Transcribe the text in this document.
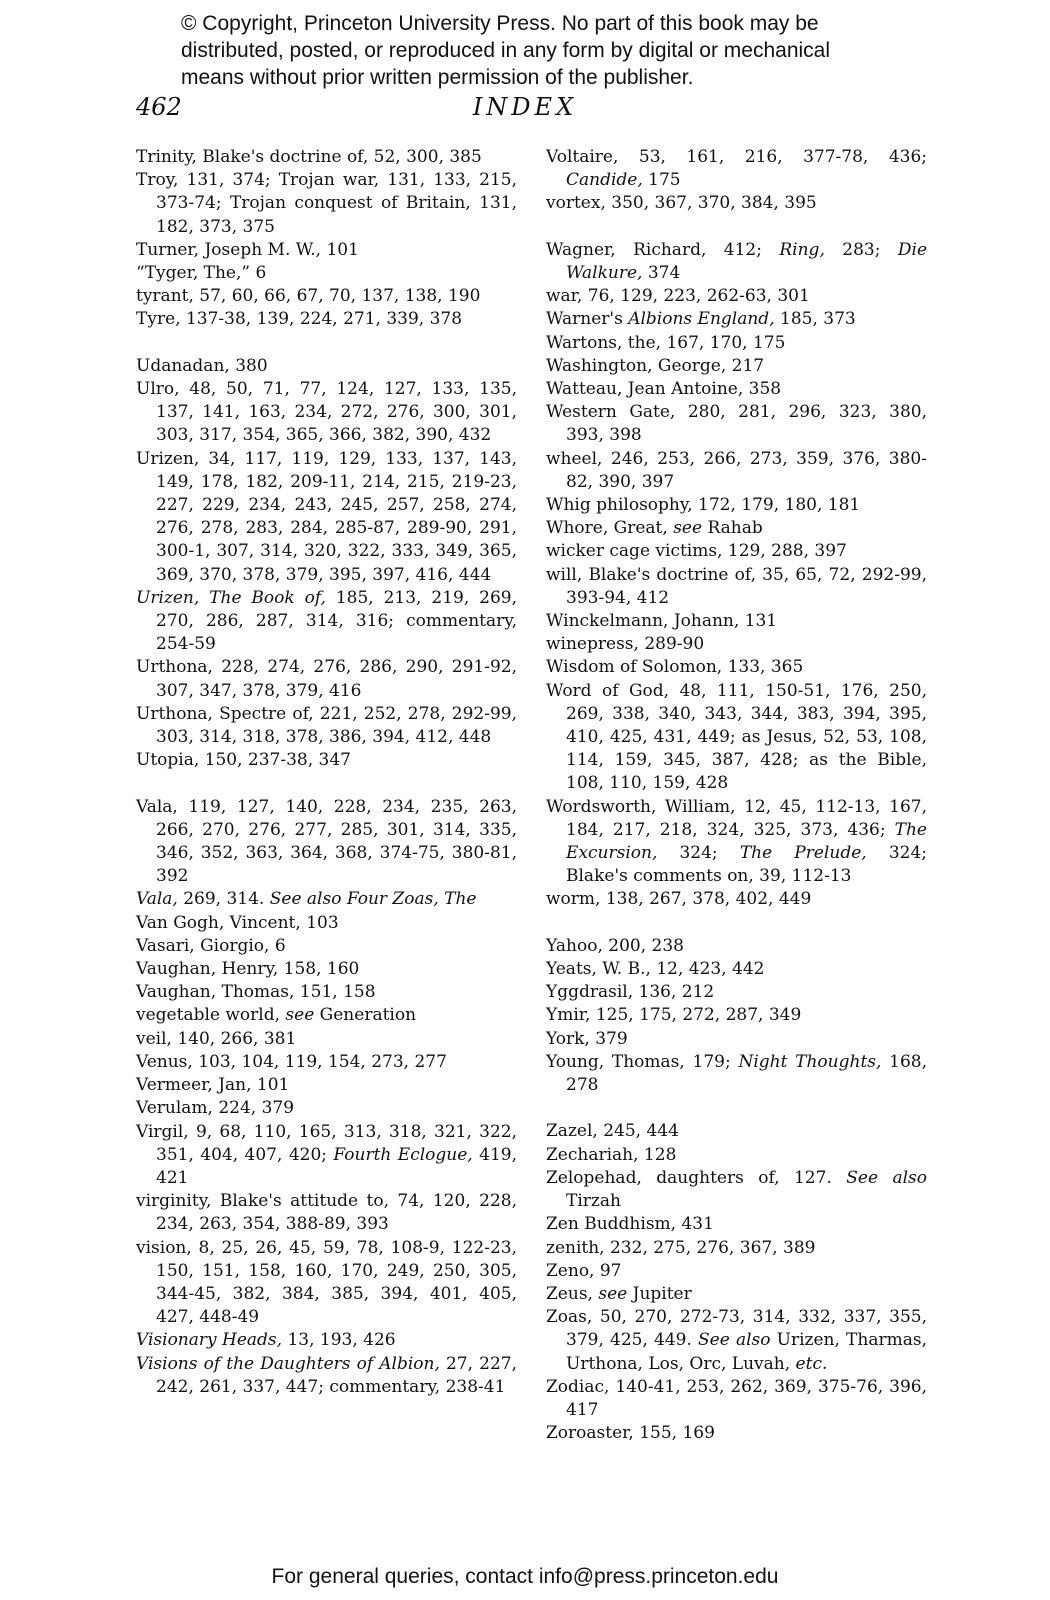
© Copyright, Princeton University Press. No part of this book may be
distributed, posted, or reproduced in any form by digital or mechanical
means without prior written permission of the publisher.
462	INDEX
Trinity, Blake's doctrine of, 52, 300, 385
Troy, 131, 374; Trojan war, 131, 133, 215, 373-74; Trojan conquest of Britain, 131, 182, 373, 375
Turner, Joseph M. W., 101
“Tyger, The,” 6
tyrant, 57, 60, 66, 67, 70, 137, 138, 190
Tyre, 137-38, 139, 224, 271, 339, 378
Udanadan, 380
Ulro, 48, 50, 71, 77, 124, 127, 133, 135, 137, 141, 163, 234, 272, 276, 300, 301, 303, 317, 354, 365, 366, 382, 390, 432
Urizen, 34, 117, 119, 129, 133, 137, 143, 149, 178, 182, 209-11, 214, 215, 219-23, 227, 229, 234, 243, 245, 257, 258, 274, 276, 278, 283, 284, 285-87, 289-90, 291, 300-1, 307, 314, 320, 322, 333, 349, 365, 369, 370, 378, 379, 395, 397, 416, 444
Urizen, The Book of, 185, 213, 219, 269, 270, 286, 287, 314, 316; commentary, 254-59
Urthona, 228, 274, 276, 286, 290, 291-92, 307, 347, 378, 379, 416
Urthona, Spectre of, 221, 252, 278, 292-99, 303, 314, 318, 378, 386, 394, 412, 448
Utopia, 150, 237-38, 347
Vala, 119, 127, 140, 228, 234, 235, 263, 266, 270, 276, 277, 285, 301, 314, 335, 346, 352, 363, 364, 368, 374-75, 380-81, 392
Vala, 269, 314. See also Four Zoas, The
Van Gogh, Vincent, 103
Vasari, Giorgio, 6
Vaughan, Henry, 158, 160
Vaughan, Thomas, 151, 158
vegetable world, see Generation
veil, 140, 266, 381
Venus, 103, 104, 119, 154, 273, 277
Vermeer, Jan, 101
Verulam, 224, 379
Virgil, 9, 68, 110, 165, 313, 318, 321, 322, 351, 404, 407, 420; Fourth Eclogue, 419, 421
virginity, Blake's attitude to, 74, 120, 228, 234, 263, 354, 388-89, 393
vision, 8, 25, 26, 45, 59, 78, 108-9, 122-23, 150, 151, 158, 160, 170, 249, 250, 305, 344-45, 382, 384, 385, 394, 401, 405, 427, 448-49
Visionary Heads, 13, 193, 426
Visions of the Daughters of Albion, 27, 227, 242, 261, 337, 447; commentary, 238-41
Voltaire, 53, 161, 216, 377-78, 436; Candide, 175
vortex, 350, 367, 370, 384, 395
Wagner, Richard, 412; Ring, 283; Die Walkure, 374
war, 76, 129, 223, 262-63, 301
Warner's Albions England, 185, 373
Wartons, the, 167, 170, 175
Washington, George, 217
Watteau, Jean Antoine, 358
Western Gate, 280, 281, 296, 323, 380, 393, 398
wheel, 246, 253, 266, 273, 359, 376, 380-82, 390, 397
Whig philosophy, 172, 179, 180, 181
Whore, Great, see Rahab
wicker cage victims, 129, 288, 397
will, Blake's doctrine of, 35, 65, 72, 292-99, 393-94, 412
Winckelmann, Johann, 131
winepress, 289-90
Wisdom of Solomon, 133, 365
Word of God, 48, 111, 150-51, 176, 250, 269, 338, 340, 343, 344, 383, 394, 395, 410, 425, 431, 449; as Jesus, 52, 53, 108, 114, 159, 345, 387, 428; as the Bible, 108, 110, 159, 428
Wordsworth, William, 12, 45, 112-13, 167, 184, 217, 218, 324, 325, 373, 436; The Excursion, 324; The Prelude, 324; Blake's comments on, 39, 112-13
worm, 138, 267, 378, 402, 449
Yahoo, 200, 238
Yeats, W. B., 12, 423, 442
Yggdrasil, 136, 212
Ymir, 125, 175, 272, 287, 349
York, 379
Young, Thomas, 179; Night Thoughts, 168, 278
Zazel, 245, 444
Zechariah, 128
Zelopehad, daughters of, 127. See also Tirzah
Zen Buddhism, 431
zenith, 232, 275, 276, 367, 389
Zeno, 97
Zeus, see Jupiter
Zoas, 50, 270, 272-73, 314, 332, 337, 355, 379, 425, 449. See also Urizen, Tharmas, Urthona, Los, Orc, Luvah, etc.
Zodiac, 140-41, 253, 262, 369, 375-76, 396, 417
Zoroaster, 155, 169
For general queries, contact info@press.princeton.edu
